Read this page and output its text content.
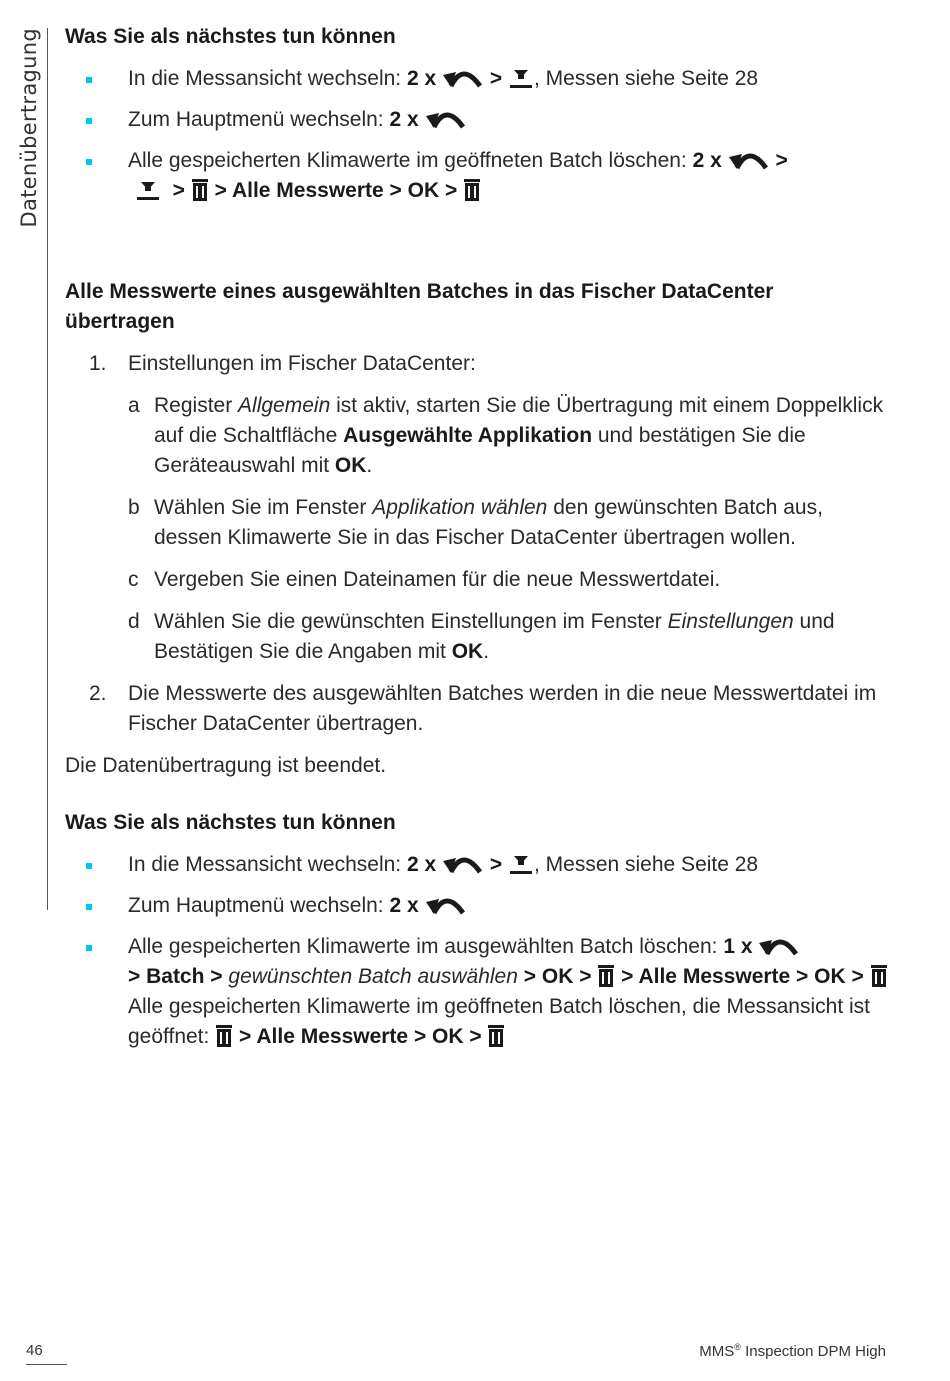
Datenübertragung Was Sie als nächstes tun können
In die Messansicht wechseln: 2 x	> , Messen siehe Seite 28
Zum Hauptmenü wechseln: 2 x
Alle gespeicherten Klimawerte im geöffneten Batch löschen: 2 x	>
> > Alle Messwerte > OK >
Alle Messwerte eines ausgewählten Batches in das Fischer DataCenter übertragen
1. Einstellungen im Fischer DataCenter:
a Register Allgemein ist aktiv, starten Sie die Übertragung mit einem Doppelklick auf die Schaltfläche Ausgewählte Applikation und bestätigen Sie die Geräteauswahl mit OK.
b Wählen Sie im Fenster Applikation wählen den gewünschten Batch aus, dessen Klimawerte Sie in das Fischer DataCenter übertragen wollen.
c Vergeben Sie einen Dateinamen für die neue Messwertdatei.
d Wählen Sie die gewünschten Einstellungen im Fenster Einstellungen und Bestätigen Sie die Angaben mit OK.
2. Die Messwerte des ausgewählten Batches werden in die neue Messwertdatei im Fischer DataCenter übertragen.
Die Datenübertragung ist beendet.
Was Sie als nächstes tun können
In die Messansicht wechseln: 2 x	> , Messen siehe Seite 28
Zum Hauptmenü wechseln: 2 x
Alle gespeicherten Klimawerte im ausgewählten Batch löschen: 1 x
> Batch > gewünschten Batch auswählen > OK > > Alle Messwerte > OK > Alle gespeicherten Klimawerte im geöffneten Batch löschen, die Messansicht ist geöffnet: > Alle Messwerte > OK >
46	MMS® Inspection DPM High
